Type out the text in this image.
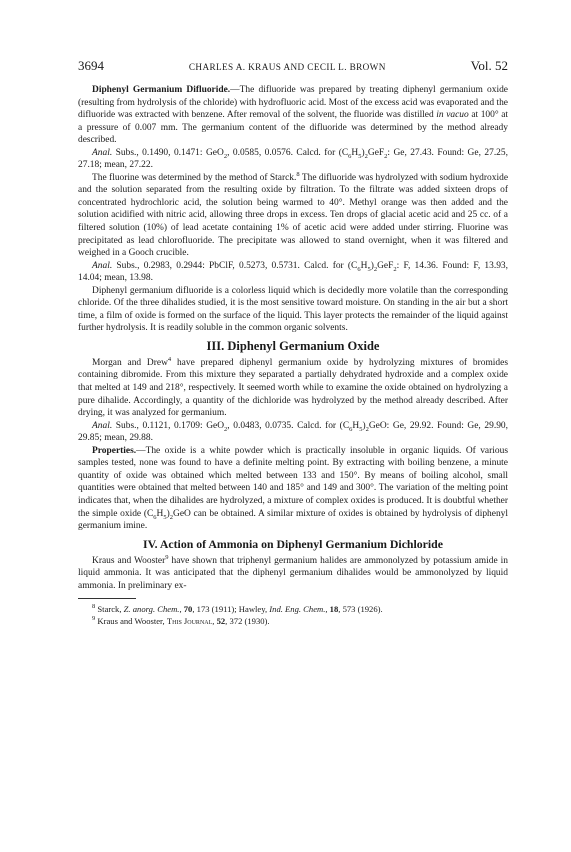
3694	CHARLES A. KRAUS AND CECIL L. BROWN	Vol. 52

Diphenyl Germanium Difluoride.—The difluoride was prepared by treating diphenyl germanium oxide (resulting from hydrolysis of the chloride) with hydrofluoric acid. Most of the excess acid was evaporated and the difluoride was extracted with benzene. After removal of the solvent, the fluoride was distilled in vacuo at 100° at a pressure of 0.007 mm. The germanium content of the difluoride was determined by the method already described.

Anal. Subs., 0.1490, 0.1471: GeO$_2$, 0.0585, 0.0576. Calcd. for $(C_6H_5)_2GeF_2$: Ge, 27.43. Found: Ge, 27.25, 27.18; mean, 27.22.

The fluorine was determined by the method of Starck.$^8$ The difluoride was hydrolyzed with sodium hydroxide and the solution separated from the resulting oxide by filtration. To the filtrate was added sixteen drops of concentrated hydrochloric acid, the solution being warmed to 40°. Methyl orange was then added and the solution acidified with nitric acid, allowing three drops in excess. Ten drops of glacial acetic acid and 25 cc. of a filtered solution (10%) of lead acetate containing 1% of acetic acid were added under stirring. Fluorine was precipitated as lead chlorofluoride. The precipitate was allowed to stand overnight, when it was filtered and weighed in a Gooch crucible.

Anal. Subs., 0.2983, 0.2944: PbClF, 0.5273, 0.5731. Calcd. for $(C_6H_5)_2GeF_2$: F, 14.36. Found: F, 13.93, 14.04; mean, 13.98.

Diphenyl germanium difluoride is a colorless liquid which is decidedly more volatile than the corresponding chloride. Of the three dihalides studied, it is the most sensitive toward moisture. On standing in the air but a short time, a film of oxide is formed on the surface of the liquid. This layer protects the remainder of the liquid against further hydrolysis. It is readily soluble in the common organic solvents.

III. Diphenyl Germanium Oxide

Morgan and Drew$^4$ have prepared diphenyl germanium oxide by hydrolyzing mixtures of bromides containing dibromide. From this mixture they separated a partially dehydrated hydroxide and a complex oxide that melted at 149 and 218°, respectively. It seemed worth while to examine the oxide obtained on hydrolyzing a pure dihalide. Accordingly, a quantity of the dichloride was hydrolyzed by the method already described. After drying, it was analyzed for germanium.

Anal. Subs., 0.1121, 0.1709: GeO$_2$, 0.0483, 0.0735. Calcd. for $(C_6H_5)_2GeO$: Ge, 29.92. Found: Ge, 29.90, 29.85; mean, 29.88.

Properties.—The oxide is a white powder which is practically insoluble in organic liquids. Of various samples tested, none was found to have a definite melting point. By extracting with boiling benzene, a minute quantity of oxide was obtained which melted between 133 and 150°. By means of boiling alcohol, small quantities were obtained that melted between 140 and 185° and 149 and 300°. The variation of the melting point indicates that, when the dihalides are hydrolyzed, a mixture of complex oxides is produced. It is doubtful whether the simple oxide $(C_6H_5)_2GeO$ can be obtained. A similar mixture of oxides is obtained by hydrolysis of diphenyl germanium imine.

IV. Action of Ammonia on Diphenyl Germanium Dichloride

Kraus and Wooster$^9$ have shown that triphenyl germanium halides are ammonolyzed by potassium amide in liquid ammonia. It was anticipated that the diphenyl germanium dihalides would be ammonolyzed by liquid ammonia. In preliminary ex-

$^8$ Starck, Z. anorg. Chem., 70, 173 (1911); Hawley, Ind. Eng. Chem., 18, 573 (1926).

$^9$ Kraus and Wooster, This Journal, 52, 372 (1930).
